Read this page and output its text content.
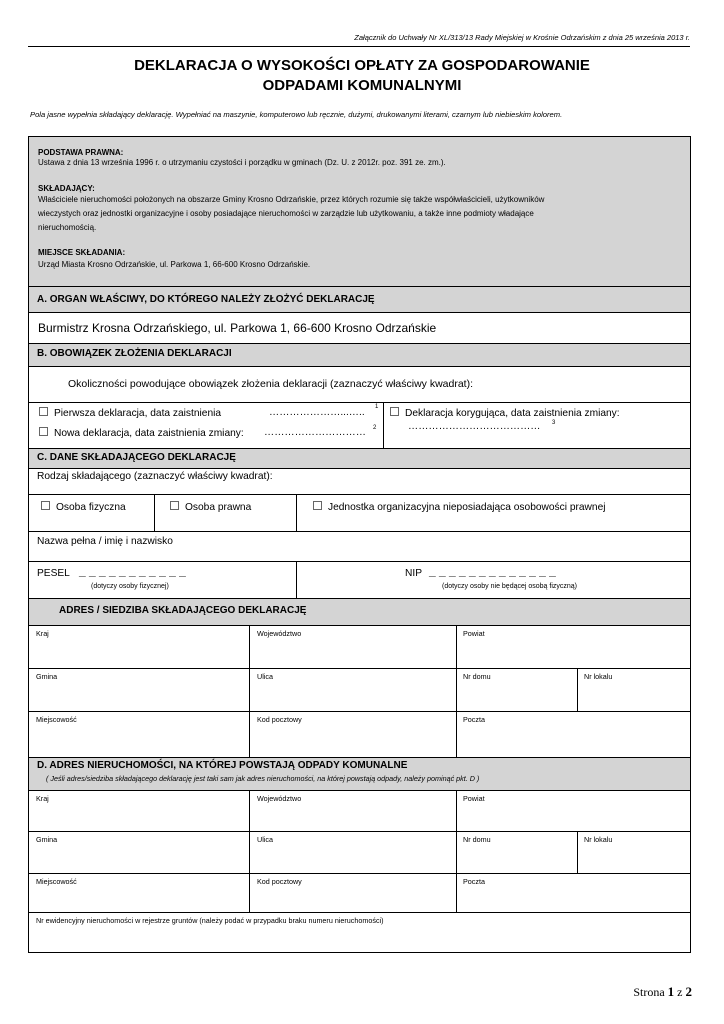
Załącznik do Uchwały Nr XL/313/13 Rady Miejskiej w Krośnie Odrzańskim z dnia 25 września 2013 r.
DEKLARACJA O WYSOKOŚCI OPŁATY ZA GOSPODAROWANIE
ODPADAMI KOMUNALNYMI
Pola jasne wypełnia składający deklarację. Wypełniać na maszynie, komputerowo lub ręcznie, dużymi, drukowanymi literami, czarnym lub niebieskim kolorem.
PODSTAWA PRAWNA:
Ustawa z dnia 13 września 1996 r. o utrzymaniu czystości i porządku w gminach (Dz. U. z 2012r. poz. 391 ze. zm.).
SKŁADAJĄCY:
Właściciele nieruchomości położonych na obszarze Gminy Krosno Odrzańskie, przez których rozumie się także współwłaścicieli, użytkowników
wieczystych oraz jednostki organizacyjne i osoby posiadające nieruchomości w zarządzie lub użytkowaniu, a także inne podmioty władające
nieruchomością.
MIEJSCE SKŁADANIA:
Urząd Miasta Krosno Odrzańskie, ul. Parkowa 1, 66-600 Krosno Odrzańskie.
A. ORGAN WŁAŚCIWY, DO KTÓREGO NALEŻY ZŁOŻYĆ DEKLARACJĘ
Burmistrz Krosna Odrzańskiego, ul. Parkowa 1, 66-600 Krosno Odrzańskie
B. OBOWIĄZEK ZŁOŻENIA DEKLARACJI
Okoliczności powodujące obowiązek złożenia deklaracji (zaznaczyć właściwy kwadrat):
Pierwsza deklaracja, data zaistnienia	…………………...….. 1
Nowa deklaracja, data zaistnienia zmiany: ………………………… 2
Deklaracja korygująca, data zaistnienia zmiany:
………………………………… 3
C. DANE SKŁADAJĄCEGO DEKLARACJĘ
Rodzaj składającego (zaznaczyć właściwy kwadrat):
Osoba fizyczna	Osoba prawna	Jednostka organizacyjna nieposiadająca osobowości prawnej
Nazwa pełna / imię i nazwisko
PESEL _ _ _ _ _ _ _ _ _ _ _
(dotyczy osoby fizycznej)
NIP _ _ _ _ _ _ _ _ _ _ _ _ _
(dotyczy osoby nie będącej osobą fizyczną)
ADRES / SIEDZIBA SKŁADAJĄCEGO DEKLARACJĘ
Kraj	Województwo	Powiat
Gmina	Ulica	Nr domu	Nr lokalu
Miejscowość	Kod pocztowy	Poczta
D. ADRES NIERUCHOMOŚCI, NA KTÓREJ POWSTAJĄ ODPADY KOMUNALNE
( Jeśli adres/siedziba składającego deklarację jest taki sam jak adres nieruchomości, na której powstają odpady, należy pominąć pkt. D )
Kraj	Województwo	Powiat
Gmina	Ulica	Nr domu	Nr lokalu
Miejscowość	Kod pocztowy	Poczta
Nr ewidencyjny nieruchomości w rejestrze gruntów (należy podać w przypadku braku numeru nieruchomości)
Strona 1 z 2
